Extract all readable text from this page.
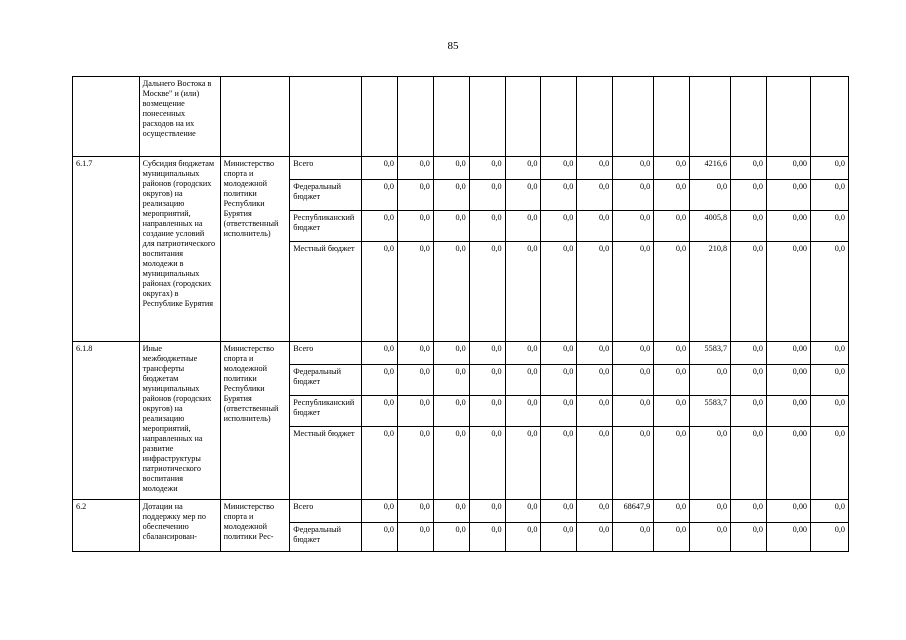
85
	Дальнего Востока в Москве" и (или) возмещение понесенных расходов на их осуществление															
6.1.7	Субсидия бюджетам муниципальных районов (городских округов) на реализацию мероприятий, направленных на создание условий для патриотического воспитания молодежи в муниципальных районах (городских округах) в Республике Бурятия	Министерство спорта и молодежной политики Республики Бурятия (ответственный исполнитель)	Всего	0,0	0,0	0,0	0,0	0,0	0,0	0,0	0,0	0,0	4216,6	0,0	0,00	0,0
			Федеральный бюджет	0,0	0,0	0,0	0,0	0,0	0,0	0,0	0,0	0,0	0,0	0,0	0,00	0,0
			Республиканский бюджет	0,0	0,0	0,0	0,0	0,0	0,0	0,0	0,0	0,0	4005,8	0,0	0,00	0,0
			Местный бюджет	0,0	0,0	0,0	0,0	0,0	0,0	0,0	0,0	0,0	210,8	0,0	0,00	0,0
6.1.8	Иные межбюджетные трансферты бюджетам муниципальных районов (городских округов) на реализацию мероприятий, направленных на развитие инфраструктуры патриотического воспитания молодежи	Министерство спорта и молодежной политики Республики Бурятия (ответственный исполнитель)	Всего	0,0	0,0	0,0	0,0	0,0	0,0	0,0	0,0	0,0	5583,7	0,0	0,00	0,0
			Федеральный бюджет	0,0	0,0	0,0	0,0	0,0	0,0	0,0	0,0	0,0	0,0	0,0	0,00	0,0
			Республиканский бюджет	0,0	0,0	0,0	0,0	0,0	0,0	0,0	0,0	0,0	5583,7	0,0	0,00	0,0
			Местный бюджет	0,0	0,0	0,0	0,0	0,0	0,0	0,0	0,0	0,0	0,0	0,0	0,00	0,0
6.2	Дотации на поддержку мер по обеспечению сбалансирован-	Министерство спорта и молодежной политики Рес-	Всего	0,0	0,0	0,0	0,0	0,0	0,0	0,0	68647,9	0,0	0,0	0,0	0,00	0,0
			Федеральный бюджет	0,0	0,0	0,0	0,0	0,0	0,0	0,0	0,0	0,0	0,0	0,0	0,00	0,0
